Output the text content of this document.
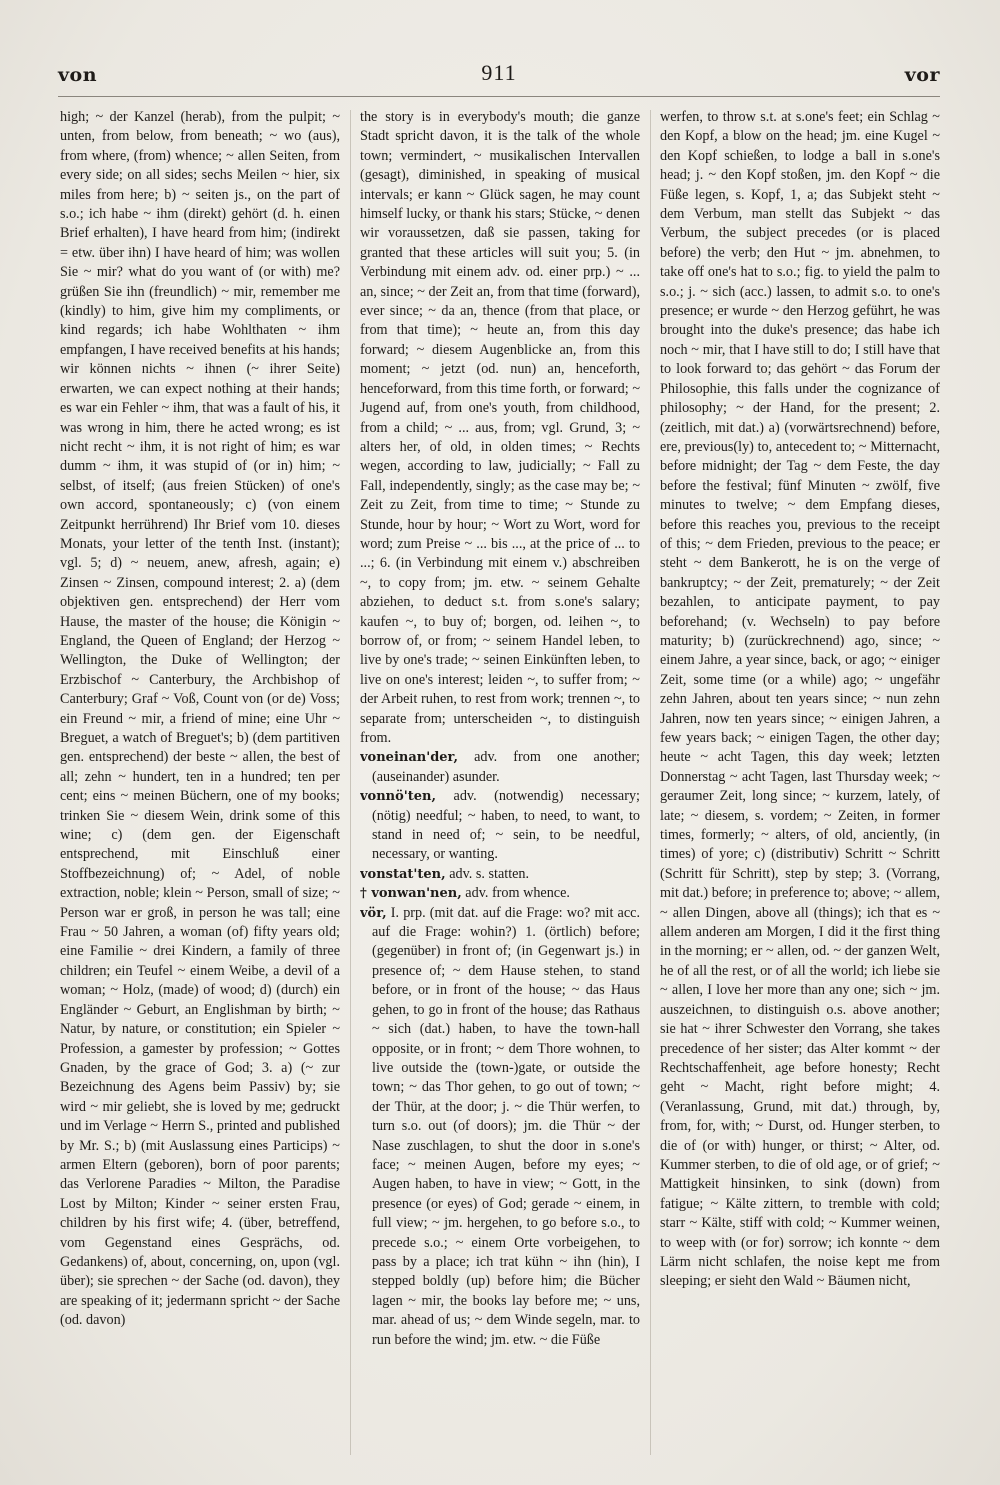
von	911	vor

high; ~ der Kanzel (herab), from the pulpit; ~ unten, from below, from beneath; ~ wo (aus), from where, (from) whence; ~ allen Seiten, from every side; on all sides; sechs Meilen ~ hier, six miles from here; b) ~ seiten js., on the part of s.o.; ich habe ~ ihm (direkt) gehört (d. h. einen Brief erhalten), I have heard from him; (indirekt = etw. über ihn) I have heard of him; was wollen Sie ~ mir? what do you want of (or with) me? grüßen Sie ihn (freundlich) ~ mir, remember me (kindly) to him, give him my compliments, or kind regards; ich habe Wohlthaten ~ ihm empfangen, I have received benefits at his hands; wir können nichts ~ ihnen (~ ihrer Seite) erwarten, we can expect nothing at their hands; es war ein Fehler ~ ihm, that was a fault of his, it was wrong in him, there he acted wrong; es ist nicht recht ~ ihm, it is not right of him; es war dumm ~ ihm, it was stupid of (or in) him; ~ selbst, of itself; (aus freien Stücken) of one's own accord, spontaneously; c) (von einem Zeitpunkt herrührend) Ihr Brief vom 10. dieses Monats, your letter of the tenth Inst. (instant); vgl. 5; d) ~ neuem, anew, afresh, again; e) Zinsen ~ Zinsen, compound interest; 2. a) (dem objektiven gen. entsprechend) der Herr vom Hause, the master of the house; die Königin ~ England, the Queen of England; der Herzog ~ Wellington, the Duke of Wellington; der Erzbischof ~ Canterbury, the Archbishop of Canterbury; Graf ~ Voß, Count von (or de) Voss; ein Freund ~ mir, a friend of mine; eine Uhr ~ Breguet, a watch of Breguet's; b) (dem partitiven gen. entsprechend) der beste ~ allen, the best of all; zehn ~ hundert, ten in a hundred; ten per cent; eins ~ meinen Büchern, one of my books; trinken Sie ~ diesem Wein, drink some of this wine; c) (dem gen. der Eigenschaft entsprechend, mit Einschluß einer Stoffbezeichnung) of; ~ Adel, of noble extraction, noble; klein ~ Person, small of size; ~ Person war er groß, in person he was tall; eine Frau ~ 50 Jahren, a woman (of) fifty years old; eine Familie ~ drei Kindern, a family of three children; ein Teufel ~ einem Weibe, a devil of a woman; ~ Holz, (made) of wood; d) (durch) ein Engländer ~ Geburt, an Englishman by birth; ~ Natur, by nature, or constitution; ein Spieler ~ Profession, a gamester by profession; ~ Gottes Gnaden, by the grace of God; 3. a) (~ zur Bezeichnung des Agens beim Passiv) by; sie wird ~ mir geliebt, she is loved by me; gedruckt und im Verlage ~ Herrn S., printed and published by Mr. S.; b) (mit Auslassung eines Particips) ~ armen Eltern (geboren), born of poor parents; das Verlorene Paradies ~ Milton, the Paradise Lost by Milton; Kinder ~ seiner ersten Frau, children by his first wife; 4. (über, betreffend, vom Gegenstand eines Gesprächs, od. Gedankens) of, about, concerning, on, upon (vgl. über); sie sprechen ~ der Sache (od. davon), they are speaking of it; jedermann spricht ~ der Sache (od. davon)

the story is in everybody's mouth; die ganze Stadt spricht davon, it is the talk of the whole town; vermindert, ~ musikalischen Intervallen (gesagt), diminished, in speaking of musical intervals; er kann ~ Glück sagen, he may count himself lucky, or thank his stars; Stücke, ~ denen wir voraussetzen, daß sie passen, taking for granted that these articles will suit you; 5. (in Verbindung mit einem adv. od. einer prp.) ~ ... an, since; ~ der Zeit an, from that time (forward), ever since; ~ da an, thence (from that place, or from that time); ~ heute an, from this day forward; ~ diesem Augenblicke an, from this moment; ~ jetzt (od. nun) an, henceforth, henceforward, from this time forth, or forward; ~ Jugend auf, from one's youth, from childhood, from a child; ~ ... aus, from; vgl. Grund, 3; ~ alters her, of old, in olden times; ~ Rechts wegen, according to law, judicially; ~ Fall zu Fall, independently, singly; as the case may be; ~ Zeit zu Zeit, from time to time; ~ Stunde zu Stunde, hour by hour; ~ Wort zu Wort, word for word; zum Preise ~ ... bis ..., at the price of ... to ...; 6. (in Verbindung mit einem v.) abschreiben ~, to copy from; jm. etw. ~ seinem Gehalte abziehen, to deduct s.t. from s.one's salary; kaufen ~, to buy of; borgen, od. leihen ~, to borrow of, or from; ~ seinem Handel leben, to live by one's trade; ~ seinen Einkünften leben, to live on one's interest; leiden ~, to suffer from; ~ der Arbeit ruhen, to rest from work; trennen ~, to separate from; unterscheiden ~, to distinguish from.

voneinan'der, adv. from one another; (auseinander) asunder.

vonnö'ten, adv. (notwendig) necessary; (nötig) needful; ~ haben, to need, to want, to stand in need of; ~ sein, to be needful, necessary, or wanting.

vonstat'ten, adv. s. statten.

† vonwan'nen, adv. from whence.

vör, I. prp. (mit dat. auf die Frage: wo? mit acc. auf die Frage: wohin?) 1. (örtlich) before; (gegenüber) in front of; (in Gegenwart js.) in presence of; ~ dem Hause stehen, to stand before, or in front of the house; ~ das Haus gehen, to go in front of the house; das Rathaus ~ sich (dat.) haben, to have the town-hall opposite, or in front; ~ dem Thore wohnen, to live outside the (town-)gate, or outside the town; ~ das Thor gehen, to go out of town; ~ der Thür, at the door; j. ~ die Thür werfen, to turn s.o. out (of doors); jm. die Thür ~ der Nase zuschlagen, to shut the door in s.one's face; ~ meinen Augen, before my eyes; ~ Augen haben, to have in view; ~ Gott, in the presence (or eyes) of God; gerade ~ einem, in full view; ~ jm. hergehen, to go before s.o., to precede s.o.; ~ einem Orte vorbeigehen, to pass by a place; ich trat kühn ~ ihn (hin), I stepped boldly (up) before him; die Bücher lagen ~ mir, the books lay before me; ~ uns, mar. ahead of us; ~ dem Winde segeln, mar. to run before the wind; jm. etw. ~ die Füße

werfen, to throw s.t. at s.one's feet; ein Schlag ~ den Kopf, a blow on the head; jm. eine Kugel ~ den Kopf schießen, to lodge a ball in s.one's head; j. ~ den Kopf stoßen, jm. den Kopf ~ die Füße legen, s. Kopf, 1, a; das Subjekt steht ~ dem Verbum, man stellt das Subjekt ~ das Verbum, the subject precedes (or is placed before) the verb; den Hut ~ jm. abnehmen, to take off one's hat to s.o.; fig. to yield the palm to s.o.; j. ~ sich (acc.) lassen, to admit s.o. to one's presence; er wurde ~ den Herzog geführt, he was brought into the duke's presence; das habe ich noch ~ mir, that I have still to do; I still have that to look forward to; das gehört ~ das Forum der Philosophie, this falls under the cognizance of philosophy; ~ der Hand, for the present; 2. (zeitlich, mit dat.) a) (vorwärtsrechnend) before, ere, previous(ly) to, antecedent to; ~ Mitternacht, before midnight; der Tag ~ dem Feste, the day before the festival; fünf Minuten ~ zwölf, five minutes to twelve; ~ dem Empfang dieses, before this reaches you, previous to the receipt of this; ~ dem Frieden, previous to the peace; er steht ~ dem Bankerott, he is on the verge of bankruptcy; ~ der Zeit, prematurely; ~ der Zeit bezahlen, to anticipate payment, to pay beforehand; (v. Wechseln) to pay before maturity; b) (zurückrechnend) ago, since; ~ einem Jahre, a year since, back, or ago; ~ einiger Zeit, some time (or a while) ago; ~ ungefähr zehn Jahren, about ten years since; ~ nun zehn Jahren, now ten years since; ~ einigen Jahren, a few years back; ~ einigen Tagen, the other day; heute ~ acht Tagen, this day week; letzten Donnerstag ~ acht Tagen, last Thursday week; ~ geraumer Zeit, long since; ~ kurzem, lately, of late; ~ diesem, s. vordem; ~ Zeiten, in former times, formerly; ~ alters, of old, anciently, (in times) of yore; c) (distributiv) Schritt ~ Schritt (Schritt für Schritt), step by step; 3. (Vorrang, mit dat.) before; in preference to; above; ~ allem, ~ allen Dingen, above all (things); ich that es ~ allem anderen am Morgen, I did it the first thing in the morning; er ~ allen, od. ~ der ganzen Welt, he of all the rest, or of all the world; ich liebe sie ~ allen, I love her more than any one; sich ~ jm. auszeichnen, to distinguish o.s. above another; sie hat ~ ihrer Schwester den Vorrang, she takes precedence of her sister; das Alter kommt ~ der Rechtschaffenheit, age before honesty; Recht geht ~ Macht, right before might; 4. (Veranlassung, Grund, mit dat.) through, by, from, for, with; ~ Durst, od. Hunger sterben, to die of (or with) hunger, or thirst; ~ Alter, od. Kummer sterben, to die of old age, or of grief; ~ Mattigkeit hinsinken, to sink (down) from fatigue; ~ Kälte zittern, to tremble with cold; starr ~ Kälte, stiff with cold; ~ Kummer weinen, to weep with (or for) sorrow; ich konnte ~ dem Lärm nicht schlafen, the noise kept me from sleeping; er sieht den Wald ~ Bäumen nicht,
